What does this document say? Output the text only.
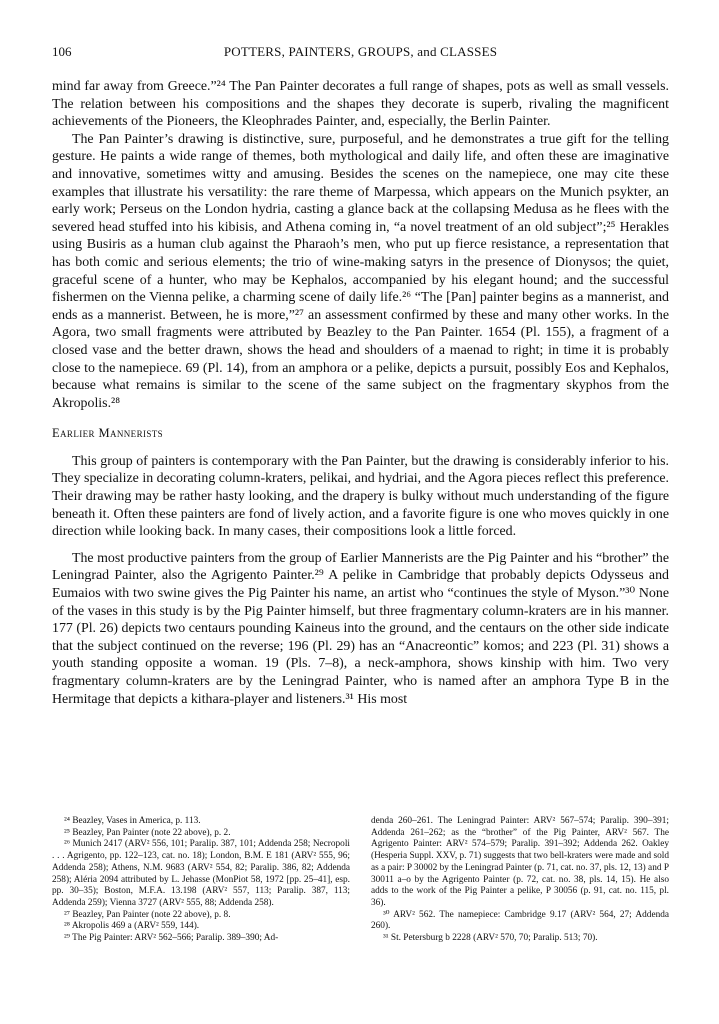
106	POTTERS, PAINTERS, GROUPS, and CLASSES

mind far away from Greece.”²⁴ The Pan Painter decorates a full range of shapes, pots as well as small vessels. The relation between his compositions and the shapes they decorate is superb, rivaling the magnificent achievements of the Pioneers, the Kleophrades Painter, and, especially, the Berlin Painter.

The Pan Painter’s drawing is distinctive, sure, purposeful, and he demonstrates a true gift for the telling gesture. He paints a wide range of themes, both mythological and daily life, and often these are imaginative and innovative, sometimes witty and amusing. Besides the scenes on the namepiece, one may cite these examples that illustrate his versatility: the rare theme of Marpessa, which appears on the Munich psykter, an early work; Perseus on the London hydria, casting a glance back at the collapsing Medusa as he flees with the severed head stuffed into his kibisis, and Athena coming in, “a novel treatment of an old subject”;²⁵ Herakles using Busiris as a human club against the Pharaoh’s men, who put up fierce resistance, a representation that has both comic and serious elements; the trio of wine-making satyrs in the presence of Dionysos; the quiet, graceful scene of a hunter, who may be Kephalos, accompanied by his elegant hound; and the successful fishermen on the Vienna pelike, a charming scene of daily life.²⁶ “The [Pan] painter begins as a mannerist, and ends as a mannerist. Between, he is more,”²⁷ an assessment confirmed by these and many other works. In the Agora, two small fragments were attributed by Beazley to the Pan Painter. 1654 (Pl. 155), a fragment of a closed vase and the better drawn, shows the head and shoulders of a maenad to right; in time it is probably close to the namepiece. 69 (Pl. 14), from an amphora or a pelike, depicts a pursuit, possibly Eos and Kephalos, because what remains is similar to the scene of the same subject on the fragmentary skyphos from the Akropolis.²⁸

Earlier Mannerists

This group of painters is contemporary with the Pan Painter, but the drawing is considerably inferior to his. They specialize in decorating column-kraters, pelikai, and hydriai, and the Agora pieces reflect this preference. Their drawing may be rather hasty looking, and the drapery is bulky without much understanding of the figure beneath it. Often these painters are fond of lively action, and a favorite figure is one who moves quickly in one direction while looking back. In many cases, their compositions look a little forced.

The most productive painters from the group of Earlier Mannerists are the Pig Painter and his “brother” the Leningrad Painter, also the Agrigento Painter.²⁹ A pelike in Cambridge that probably depicts Odysseus and Eumaios with two swine gives the Pig Painter his name, an artist who “continues the style of Myson.”³⁰ None of the vases in this study is by the Pig Painter himself, but three fragmentary column-kraters are in his manner. 177 (Pl. 26) depicts two centaurs pounding Kaineus into the ground, and the centaurs on the other side indicate that the subject continued on the reverse; 196 (Pl. 29) has an “Anacreontic” komos; and 223 (Pl. 31) shows a youth standing opposite a woman. 19 (Pls. 7–8), a neck-amphora, shows kinship with him. Two very fragmentary column-kraters are by the Leningrad Painter, who is named after an amphora Type B in the Hermitage that depicts a kithara-player and listeners.³¹ His most

²⁴ Beazley, Vases in America, p. 113.

²⁵ Beazley, Pan Painter (note 22 above), p. 2.

²⁶ Munich 2417 (ARV² 556, 101; Paralip. 387, 101; Addenda 258; Necropoli . . . Agrigento, pp. 122–123, cat. no. 18); London, B.M. E 181 (ARV² 555, 96; Addenda 258); Athens, N.M. 9683 (ARV² 554, 82; Paralip. 386, 82; Addenda 258); Aléria 2094 attributed by L. Jehasse (MonPiot 58, 1972 [pp. 25–41], esp. pp. 30–35); Boston, M.F.A. 13.198 (ARV² 557, 113; Paralip. 387, 113; Addenda 259); Vienna 3727 (ARV² 555, 88; Addenda 258).

²⁷ Beazley, Pan Painter (note 22 above), p. 8.

²⁸ Akropolis 469 a (ARV² 559, 144).

²⁹ The Pig Painter: ARV² 562–566; Paralip. 389–390; Ad-

denda 260–261. The Leningrad Painter: ARV² 567–574; Paralip. 390–391; Addenda 261–262; as the “brother” of the Pig Painter, ARV² 567. The Agrigento Painter: ARV² 574–579; Paralip. 391–392; Addenda 262. Oakley (Hesperia Suppl. XXV, p. 71) suggests that two bell-kraters were made and sold as a pair: P 30002 by the Leningrad Painter (p. 71, cat. no. 37, pls. 12, 13) and P 30011 a–o by the Agrigento Painter (p. 72, cat. no. 38, pls. 14, 15). He also adds to the work of the Pig Painter a pelike, P 30056 (p. 91, cat. no. 115, pl. 36).

³⁰ ARV² 562. The namepiece: Cambridge 9.17 (ARV² 564, 27; Addenda 260).

³¹ St. Petersburg b 2228 (ARV² 570, 70; Paralip. 513; 70).
